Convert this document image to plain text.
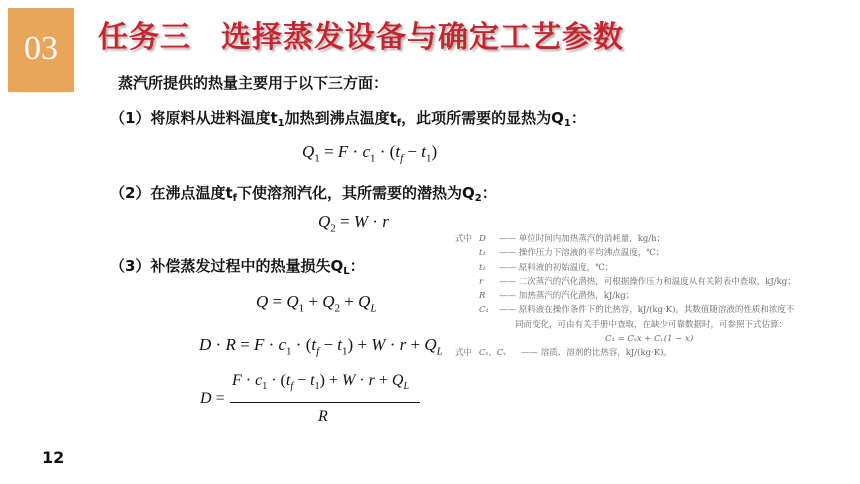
03	任务三 选择蒸发设备与确定工艺参数
蒸汽所提供的热量主要用于以下三方面：
（1）将原料从进料温度$t_1$加热到沸点温度$t_f$，此项所需要的显热为$Q_1$：
$Q_1 = F \cdot c_1 \cdot (t_f - t_1)$
（2）在沸点温度$t_f$下使溶剂汽化，其所需要的潜热为$Q_2$：
$Q_2 = W \cdot r$
（3）补偿蒸发过程中的热量损失$Q_L$：
$Q = Q_1 + Q_2 + Q_L$
$D \cdot R = F \cdot c_1 \cdot (t_f - t_1) + W \cdot r + Q_L$
D =
$F \cdot c_1 \cdot (t_f - t_1) + W \cdot r + Q_L$
R
式中 D —— 单位时间内加热蒸汽的消耗量，kg/h；
t₁ —— 操作压力下溶液的平均沸点温度，℃；
t₁ —— 原料液的初始温度，℃；
r —— 二次蒸汽的汽化潜热，可根据操作压力和温度从有关附表中查取，kJ/kg；
R —— 加热蒸汽的汽化潜热，kJ/kg；
C₁ —— 原料液在操作条件下的比热容，kJ/(kg·K)。其数值随溶液的性质和浓度不
同而变化，可由有关手册中查取，在缺少可靠数据时，可参照下式估算：
C₁ = Cₛx + Cᵥ(1 − x)
式中 Cₛ，Cᵥ —— 溶质、溶剂的比热容，kJ/(kg·K)。
12
